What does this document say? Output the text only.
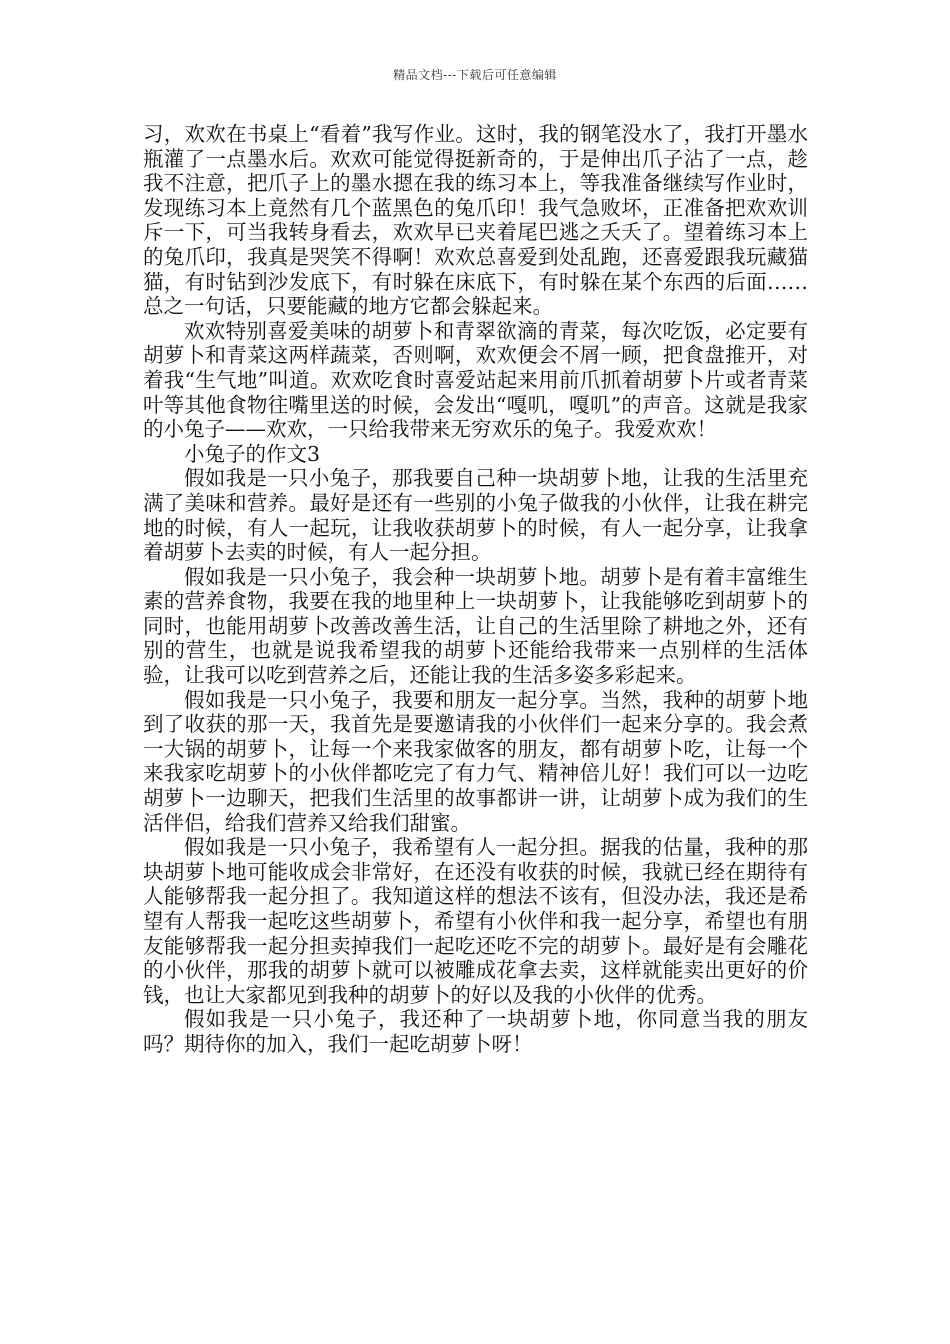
精品文档---下载后可任意编辑

习，欢欢在书桌上“看着”我写作业。这时，我的钢笔没水了，我打开墨水瓶灌了一点墨水后。欢欢可能觉得挺新奇的，于是伸出爪子沾了一点，趁我不注意，把爪子上的墨水摁在我的练习本上，等我准备继续写作业时，发现练习本上竟然有几个蓝黑色的兔爪印！我气急败坏，正准备把欢欢训斥一下，可当我转身看去，欢欢早已夹着尾巴逃之夭夭了。望着练习本上的兔爪印，我真是哭笑不得啊！欢欢总喜爱到处乱跑，还喜爱跟我玩藏猫猫，有时钻到沙发底下，有时躲在床底下，有时躲在某个东西的后面……总之一句话，只要能藏的地方它都会躲起来。

欢欢特别喜爱美味的胡萝卜和青翠欲滴的青菜，每次吃饭，必定要有胡萝卜和青菜这两样蔬菜，否则啊，欢欢便会不屑一顾，把食盘推开，对着我“生气地”叫道。欢欢吃食时喜爱站起来用前爪抓着胡萝卜片或者青菜叶等其他食物往嘴里送的时候，会发出“嘎叽，嘎叽”的声音。这就是我家的小兔子——欢欢，一只给我带来无穷欢乐的兔子。我爱欢欢！

小兔子的作文3

假如我是一只小兔子，那我要自己种一块胡萝卜地，让我的生活里充满了美味和营养。最好是还有一些别的小兔子做我的小伙伴，让我在耕完地的时候，有人一起玩，让我收获胡萝卜的时候，有人一起分享，让我拿着胡萝卜去卖的时候，有人一起分担。

假如我是一只小兔子，我会种一块胡萝卜地。胡萝卜是有着丰富维生素的营养食物，我要在我的地里种上一块胡萝卜，让我能够吃到胡萝卜的同时，也能用胡萝卜改善改善生活，让自己的生活里除了耕地之外，还有别的营生，也就是说我希望我的胡萝卜还能给我带来一点别样的生活体验，让我可以吃到营养之后，还能让我的生活多姿多彩起来。

假如我是一只小兔子，我要和朋友一起分享。当然，我种的胡萝卜地到了收获的那一天，我首先是要邀请我的小伙伴们一起来分享的。我会煮一大锅的胡萝卜，让每一个来我家做客的朋友，都有胡萝卜吃，让每一个来我家吃胡萝卜的小伙伴都吃完了有力气、精神倍儿好！我们可以一边吃胡萝卜一边聊天，把我们生活里的故事都讲一讲，让胡萝卜成为我们的生活伴侣，给我们营养又给我们甜蜜。

假如我是一只小兔子，我希望有人一起分担。据我的估量，我种的那块胡萝卜地可能收成会非常好，在还没有收获的时候，我就已经在期待有人能够帮我一起分担了。我知道这样的想法不该有，但没办法，我还是希望有人帮我一起吃这些胡萝卜，希望有小伙伴和我一起分享，希望也有朋友能够帮我一起分担卖掉我们一起吃还吃不完的胡萝卜。最好是有会雕花的小伙伴，那我的胡萝卜就可以被雕成花拿去卖，这样就能卖出更好的价钱，也让大家都见到我种的胡萝卜的好以及我的小伙伴的优秀。

假如我是一只小兔子，我还种了一块胡萝卜地，你同意当我的朋友吗？期待你的加入，我们一起吃胡萝卜呀！
